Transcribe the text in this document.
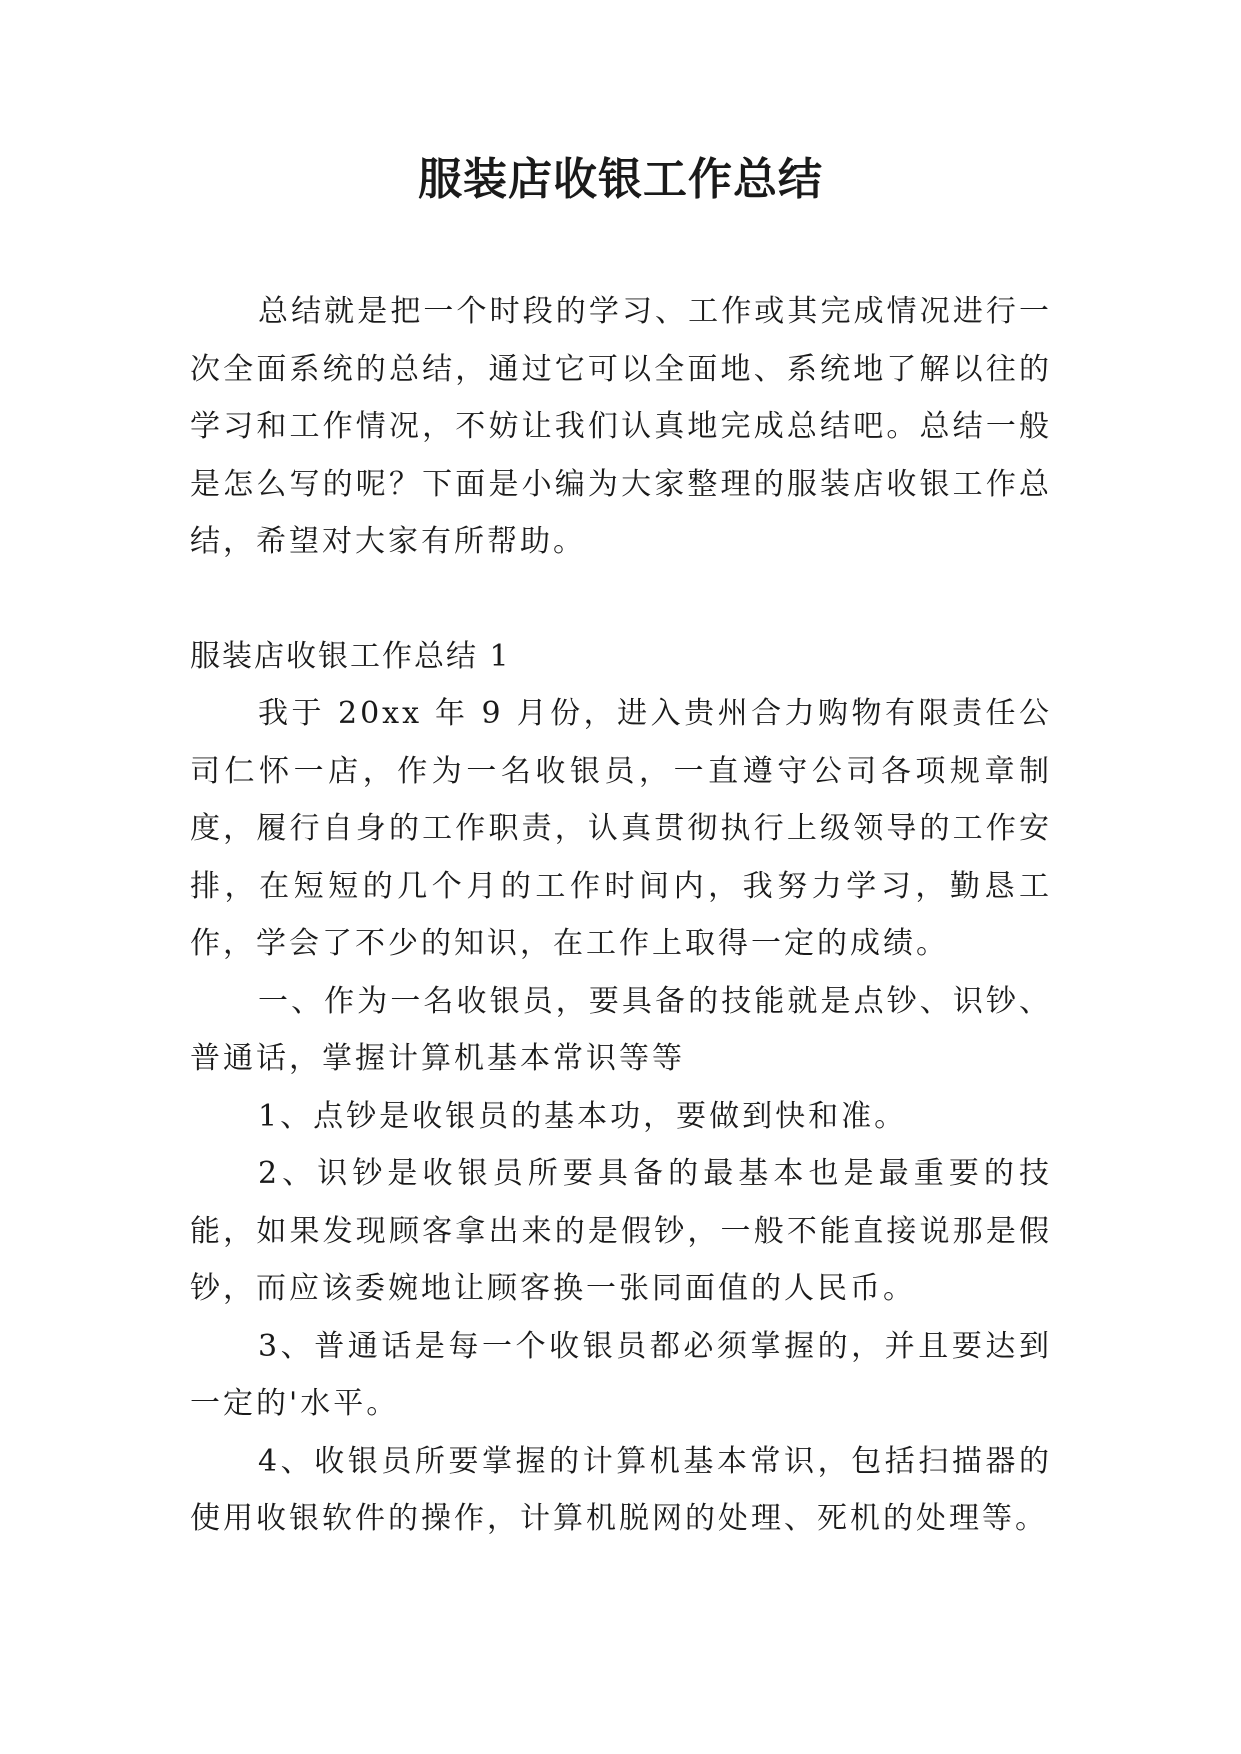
服装店收银工作总结

总结就是把一个时段的学习、工作或其完成情况进行一次全面系统的总结，通过它可以全面地、系统地了解以往的学习和工作情况，不妨让我们认真地完成总结吧。总结一般是怎么写的呢？下面是小编为大家整理的服装店收银工作总结，希望对大家有所帮助。

服装店收银工作总结 1

我于 20xx 年 9 月份，进入贵州合力购物有限责任公司仁怀一店，作为一名收银员，一直遵守公司各项规章制度，履行自身的工作职责，认真贯彻执行上级领导的工作安排，在短短的几个月的工作时间内，我努力学习，勤恳工作，学会了不少的知识，在工作上取得一定的成绩。

一、作为一名收银员，要具备的技能就是点钞、识钞、普通话，掌握计算机基本常识等等

1、点钞是收银员的基本功，要做到快和准。

2、识钞是收银员所要具备的最基本也是最重要的技能，如果发现顾客拿出来的是假钞，一般不能直接说那是假钞，而应该委婉地让顾客换一张同面值的人民币。

3、普通话是每一个收银员都必须掌握的，并且要达到一定的'水平。

4、收银员所要掌握的计算机基本常识，包括扫描器的使用收银软件的操作，计算机脱网的处理、死机的处理等。
